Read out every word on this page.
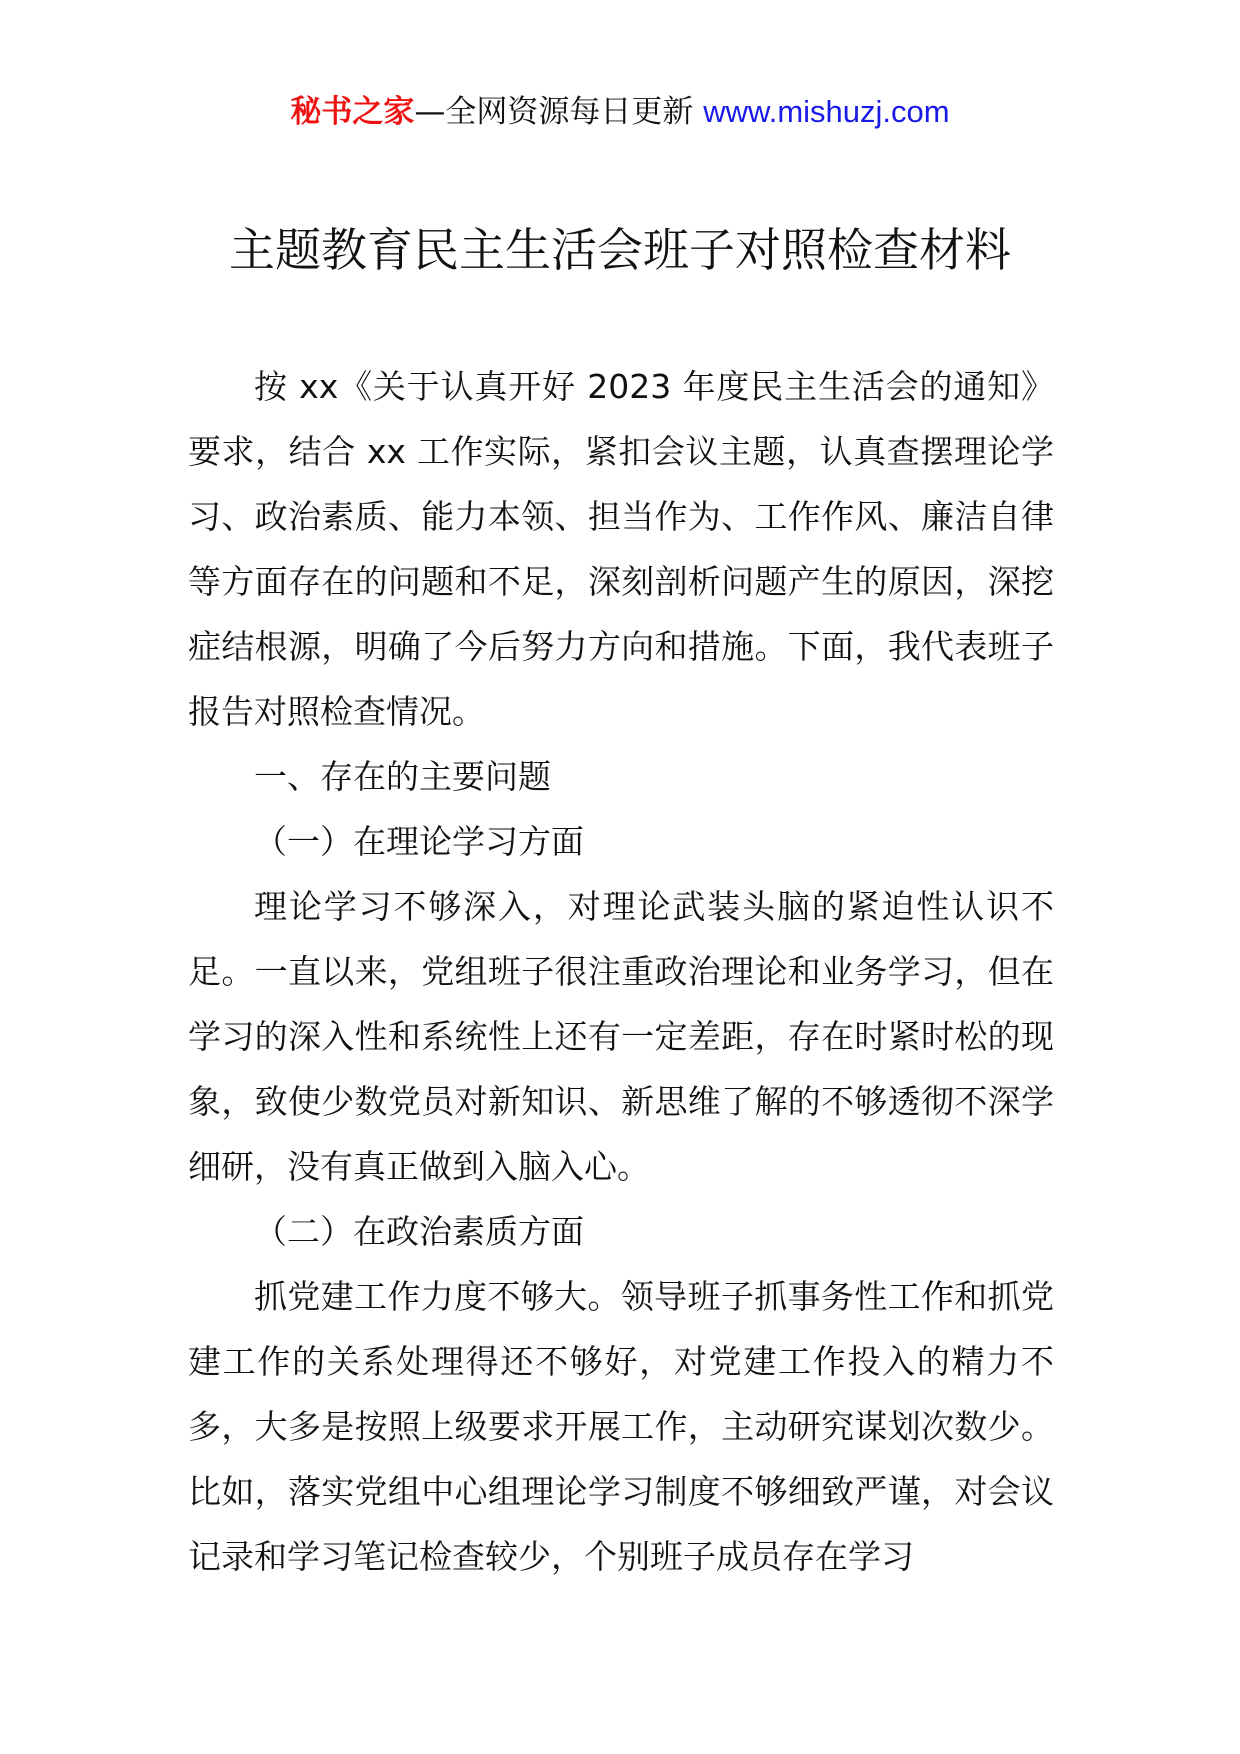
秘书之家—全网资源每日更新 www.mishuzj.com
主题教育民主生活会班子对照检查材料

按 xx《关于认真开好 2023 年度民主生活会的通知》要求，结合 xx 工作实际，紧扣会议主题，认真查摆理论学习、政治素质、能力本领、担当作为、工作作风、廉洁自律等方面存在的问题和不足，深刻剖析问题产生的原因，深挖症结根源，明确了今后努力方向和措施。下面，我代表班子报告对照检查情况。

一、存在的主要问题

（一）在理论学习方面

理论学习不够深入，对理论武装头脑的紧迫性认识不足。一直以来，党组班子很注重政治理论和业务学习，但在学习的深入性和系统性上还有一定差距，存在时紧时松的现象，致使少数党员对新知识、新思维了解的不够透彻不深学细研，没有真正做到入脑入心。

（二）在政治素质方面

抓党建工作力度不够大。领导班子抓事务性工作和抓党建工作的关系处理得还不够好，对党建工作投入的精力不多，大多是按照上级要求开展工作，主动研究谋划次数少。比如，落实党组中心组理论学习制度不够细致严谨，对会议记录和学习笔记检查较少，个别班子成员存在学习
